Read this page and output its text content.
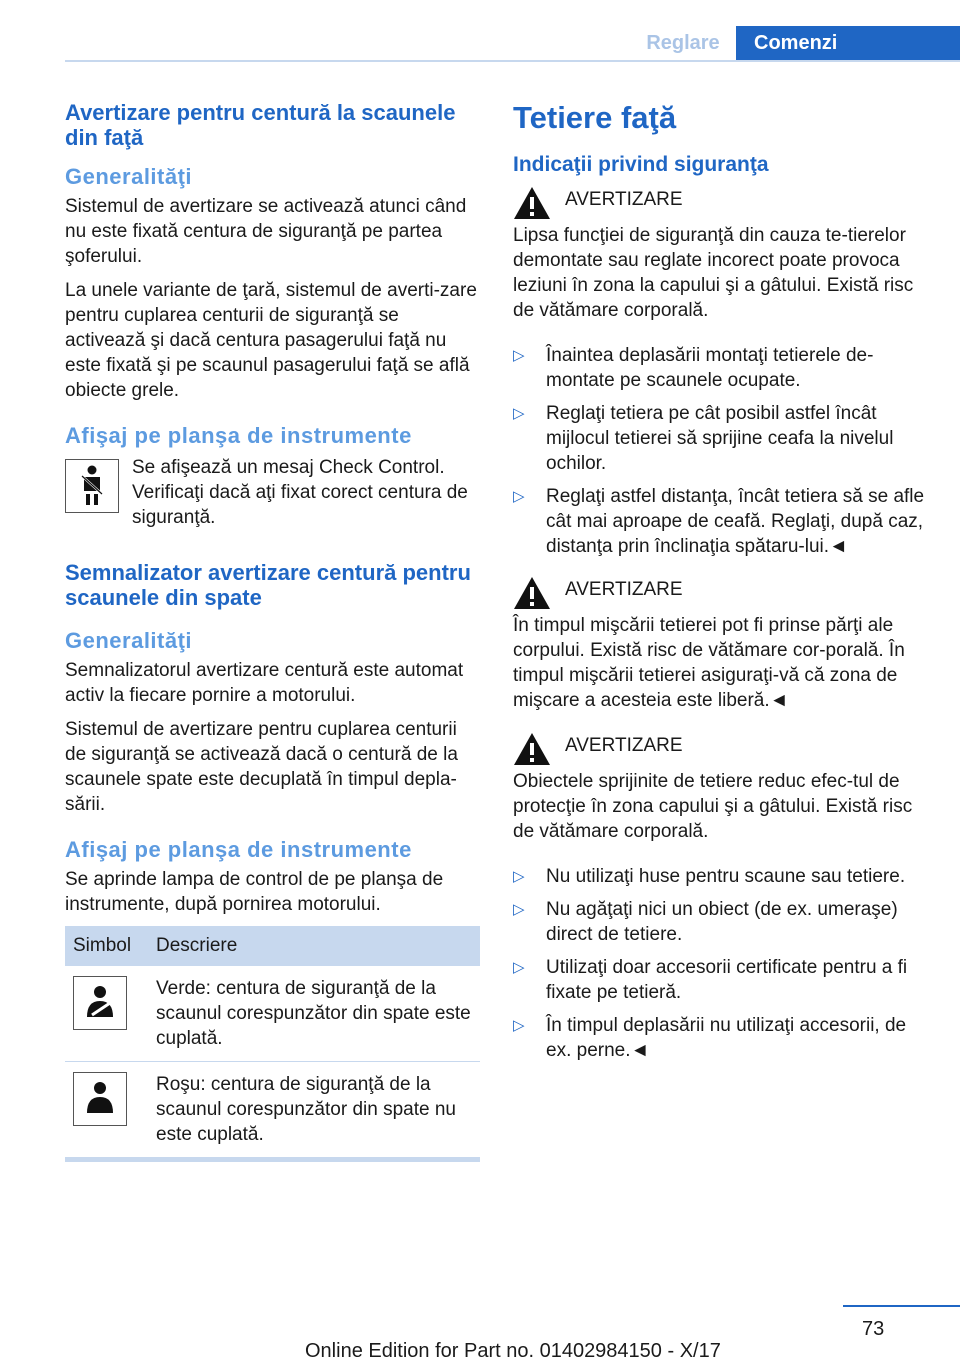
Reglare	Comenzi
Avertizare pentru centură la scaunele din faţă
Generalităţi

Sistemul de avertizare se activează atunci când nu este fixată centura de siguranţă pe partea şoferului.

La unele variante de ţară, sistemul de averti‐zare pentru cuplarea centurii de siguranţă se activează şi dacă centura pasagerului faţă nu este fixată şi pe scaunul pasagerului faţă se află obiecte grele.

Afişaj pe planşa de instrumente

Se afişează un mesaj Check Control. Verificaţi dacă aţi fixat corect centura de siguranţă.

Semnalizator avertizare centură pentru scaunele din spate
Generalităţi

Semnalizatorul avertizare centură este automat activ la fiecare pornire a motorului.

Sistemul de avertizare pentru cuplarea centurii de siguranţă se activează dacă o centură de la scaunele spate este decuplată în timpul depla‐sării.

Afişaj pe planşa de instrumente

Se aprinde lampa de control de pe planşa de instrumente, după pornirea motorului.

Simbol	Descriere

	Verde: centura de siguranţă de la scaunul corespunzător din spate este cuplată.

	Roşu: centura de siguranţă de la scaunul corespunzător din spate nu este cuplată.
Tetiere faţă
Indicaţii privind siguranţa
AVERTIZARE

Lipsa funcţiei de siguranţă din cauza te‐tierelor demontate sau reglate incorect poate provoca leziuni în zona la capului şi a gâtului. Există risc de vătămare corporală.

▷ Înaintea deplasării montaţi tetierele de‐montate pe scaunele ocupate.
▷ Reglaţi tetiera pe cât posibil astfel încât mijlocul tetierei să sprijine ceafa la nivelul ochilor.
▷ Reglaţi astfel distanţa, încât tetiera să se afle cât mai aproape de ceafă. Reglaţi, după caz, distanţa prin înclinaţia spătaru‐lui.◄
AVERTIZARE

În timpul mişcării tetierei pot fi prinse părţi ale corpului. Există risc de vătămare cor‐porală. În timpul mişcării tetierei asiguraţi-vă că zona de mişcare a acesteia este liberă.◄

AVERTIZARE

Obiectele sprijinite de tetiere reduc efec‐tul de protecţie în zona capului şi a gâtului. Există risc de vătămare corporală.

▷ Nu utilizaţi huse pentru scaune sau tetiere.
▷ Nu agăţaţi nici un obiect (de ex. umeraşe) direct de tetiere.
▷ Utilizaţi doar accesorii certificate pentru a fi fixate pe tetieră.
▷ În timpul deplasării nu utilizaţi accesorii, de ex. perne.◄
73
Online Edition for Part no. 01402984150 - X/17
